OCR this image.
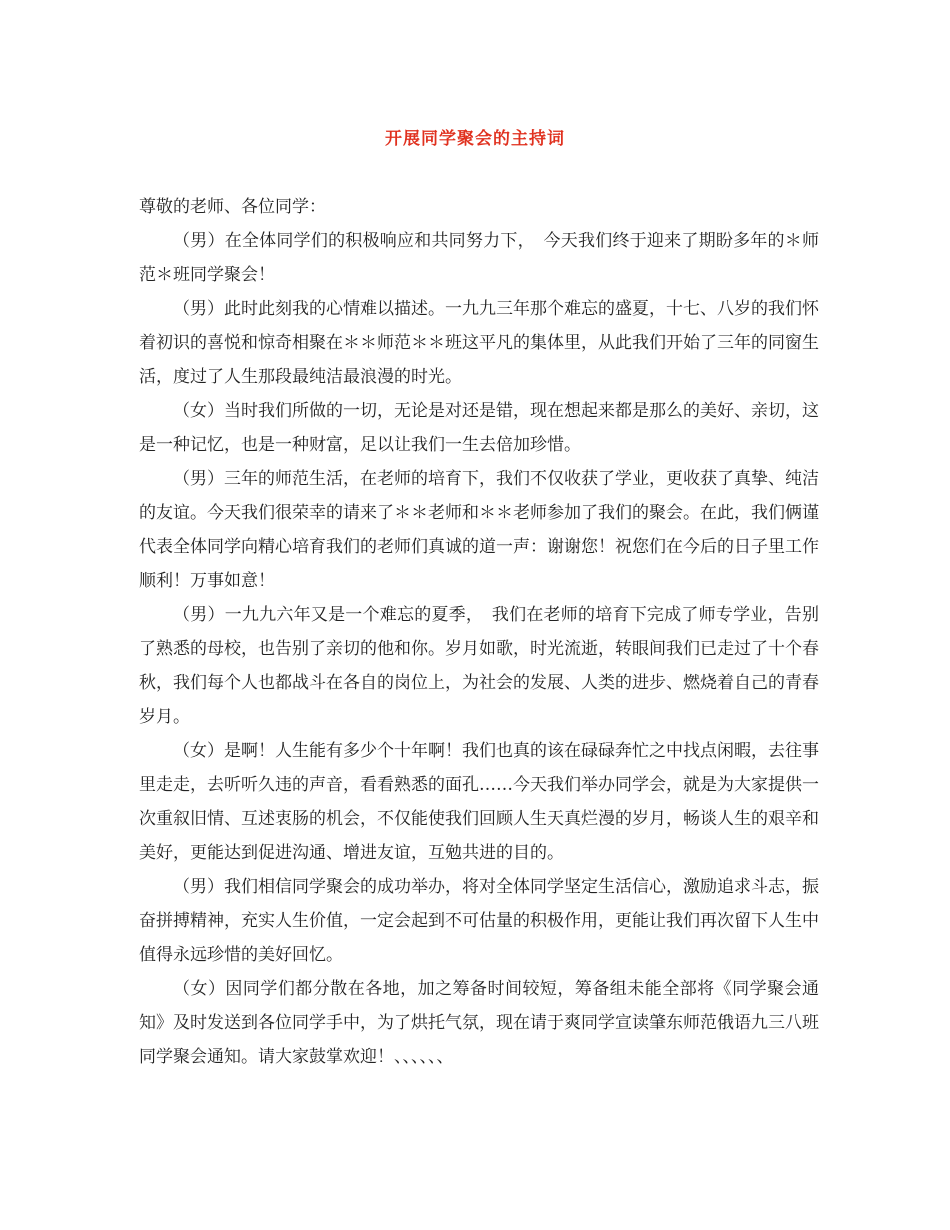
开展同学聚会的主持词

尊敬的老师、各位同学：

（男）在全体同学们的积极响应和共同努力下，　今天我们终于迎来了期盼多年的＊师范＊班同学聚会！

（男）此时此刻我的心情难以描述。一九九三年那个难忘的盛夏，十七、八岁的我们怀着初识的喜悦和惊奇相聚在＊＊师范＊＊班这平凡的集体里，从此我们开始了三年的同窗生活，度过了人生那段最纯洁最浪漫的时光。

（女）当时我们所做的一切，无论是对还是错，现在想起来都是那么的美好、亲切，这是一种记忆，也是一种财富，足以让我们一生去倍加珍惜。

（男）三年的师范生活，在老师的培育下，我们不仅收获了学业，更收获了真挚、纯洁的友谊。今天我们很荣幸的请来了＊＊老师和＊＊老师参加了我们的聚会。在此，我们俩谨代表全体同学向精心培育我们的老师们真诚的道一声：谢谢您！祝您们在今后的日子里工作顺利！万事如意！

（男）一九九六年又是一个难忘的夏季，　我们在老师的培育下完成了师专学业，告别了熟悉的母校，也告别了亲切的他和你。岁月如歌，时光流逝，转眼间我们已走过了十个春秋，我们每个人也都战斗在各自的岗位上，为社会的发展、人类的进步、燃烧着自己的青春岁月。

（女）是啊！人生能有多少个十年啊！我们也真的该在碌碌奔忙之中找点闲暇，去往事里走走，去听听久违的声音，看看熟悉的面孔……今天我们举办同学会，就是为大家提供一次重叙旧情、互述衷肠的机会，不仅能使我们回顾人生天真烂漫的岁月，畅谈人生的艰辛和美好，更能达到促进沟通、增进友谊，互勉共进的目的。

（男）我们相信同学聚会的成功举办，将对全体同学坚定生活信心，激励追求斗志，振奋拼搏精神，充实人生价值，一定会起到不可估量的积极作用，更能让我们再次留下人生中值得永远珍惜的美好回忆。

（女）因同学们都分散在各地，加之筹备时间较短，筹备组未能全部将《同学聚会通知》及时发送到各位同学手中，为了烘托气氛，现在请于爽同学宣读肇东师范俄语九三八班同学聚会通知。请大家鼓掌欢迎！、、、、、、
